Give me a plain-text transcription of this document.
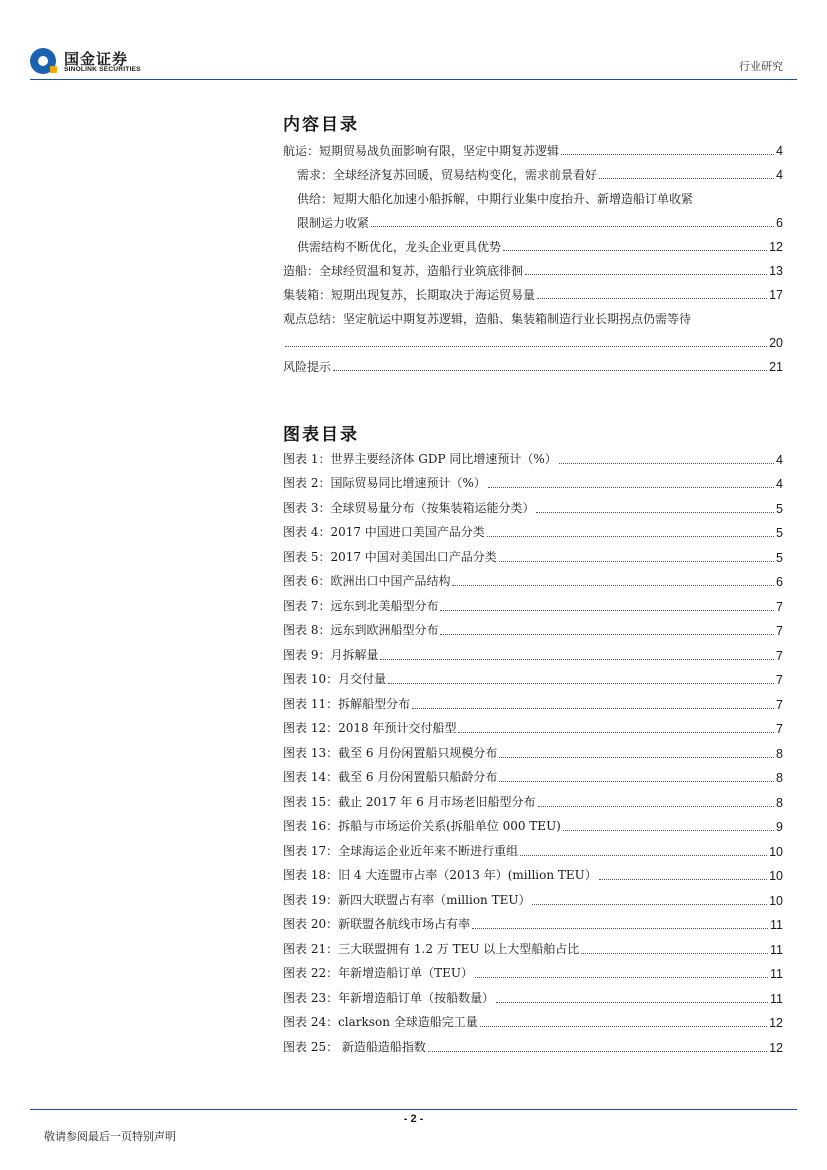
国金证券
SINOLINK SECURITIES	行业研究
内容目录
航运：短期贸易战负面影响有限，坚定中期复苏逻辑	4
需求：全球经济复苏回暖，贸易结构变化，需求前景看好	4
供给：短期大船化加速小船拆解，中期行业集中度抬升、新增造船订单收紧
限制运力收紧	6
供需结构不断优化，龙头企业更具优势	12
造船：全球经贸温和复苏，造船行业筑底徘徊	13
集装箱：短期出现复苏，长期取决于海运贸易量	17
观点总结：坚定航运中期复苏逻辑，造船、集装箱制造行业长期拐点仍需等待
20
风险提示	21
图表目录
图表 1：世界主要经济体 GDP 同比增速预计（%）	4
图表 2：国际贸易同比增速预计（%）	4
图表 3：全球贸易量分布（按集装箱运能分类）	5
图表 4：2017 中国进口美国产品分类	5
图表 5：2017 中国对美国出口产品分类	5
图表 6：欧洲出口中国产品结构	6
图表 7：远东到北美船型分布	7
图表 8：远东到欧洲船型分布	7
图表 9：月拆解量	7
图表 10：月交付量	7
图表 11：拆解船型分布	7
图表 12：2018 年预计交付船型	7
图表 13：截至 6 月份闲置船只规模分布	8
图表 14：截至 6 月份闲置船只船龄分布	8
图表 15：截止 2017 年 6 月市场老旧船型分布	8
图表 16：拆船与市场运价关系(拆船单位 000 TEU)	9
图表 17：全球海运企业近年来不断进行重组	10
图表 18：旧 4 大连盟市占率（2013 年）(million TEU）	10
图表 19：新四大联盟占有率（million TEU）	10
图表 20：新联盟各航线市场占有率	11
图表 21：三大联盟拥有 1.2 万 TEU 以上大型船舶占比	11
图表 22：年新增造船订单（TEU）	11
图表 23：年新增造船订单（按船数量）	11
图表 24：clarkson 全球造船完工量	12
图表 25： 新造船造船指数	12
- 2 -
敬请参阅最后一页特别声明
